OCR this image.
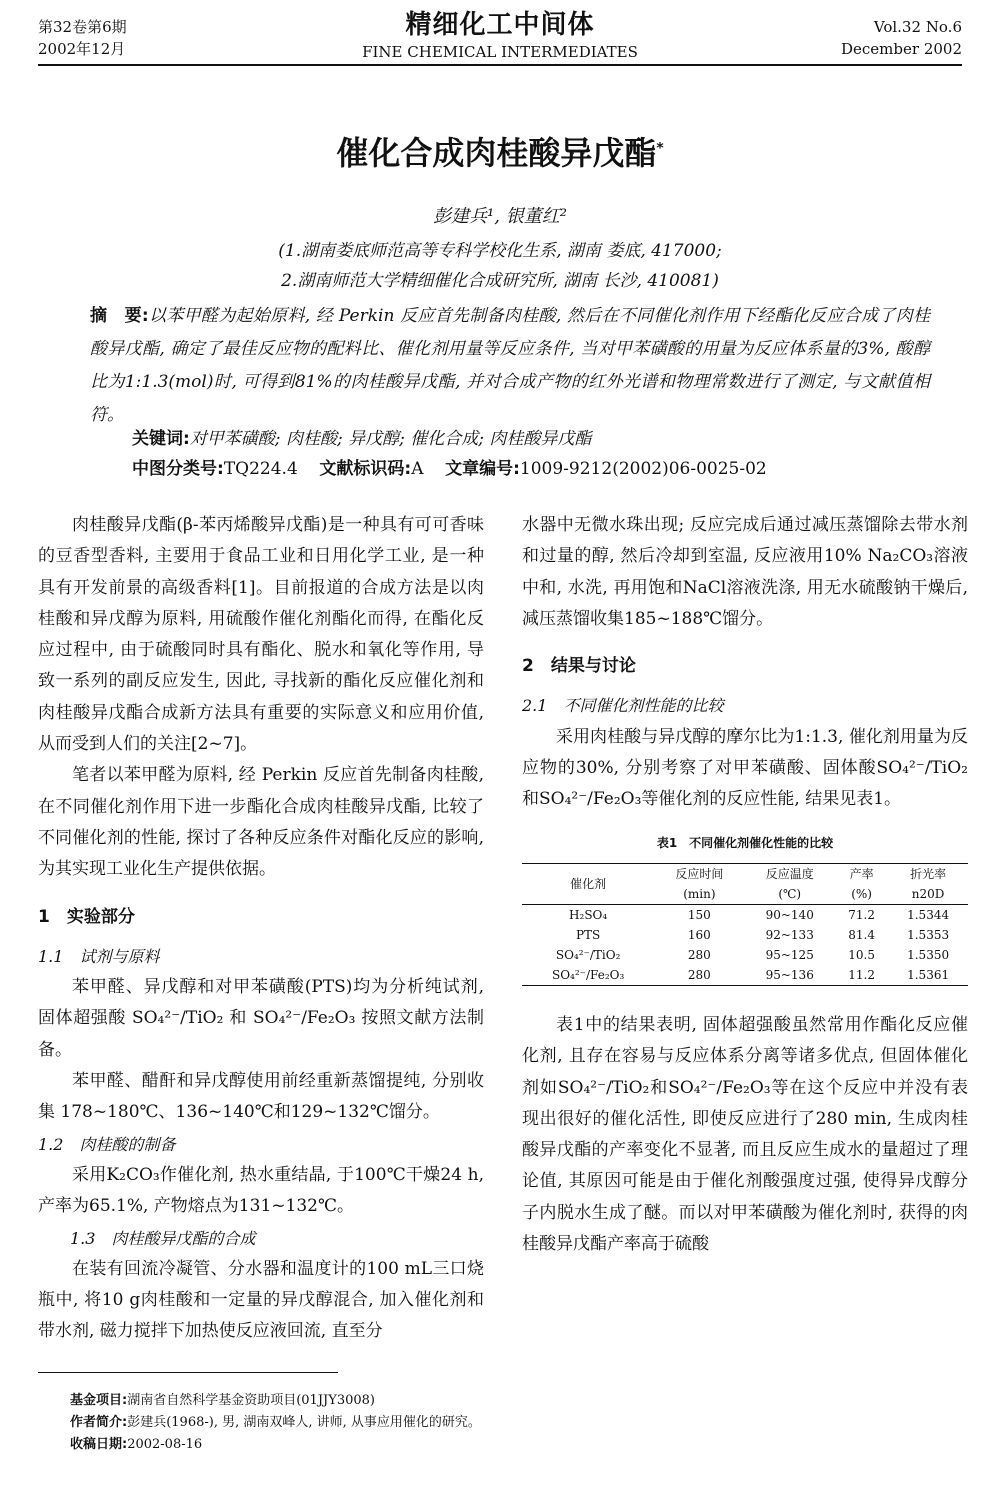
第32卷第6期
2002年12月
精细化工中间体
FINE CHEMICAL INTERMEDIATES
Vol.32 No.6
December 2002
催化合成肉桂酸异戊酯*
彭建兵¹, 银董红²
(1.湖南娄底师范高等专科学校化生系, 湖南 娄底, 417000;
2.湖南师范大学精细催化合成研究所, 湖南 长沙, 410081)
摘　要:以苯甲醛为起始原料, 经 Perkin 反应首先制备肉桂酸, 然后在不同催化剂作用下经酯化反应合成了肉桂酸异戊酯, 确定了最佳反应物的配料比、催化剂用量等反应条件, 当对甲苯磺酸的用量为反应体系量的3%, 酸醇比为1:1.3(mol)时, 可得到81%的肉桂酸异戊酯, 并对合成产物的红外光谱和物理常数进行了测定, 与文献值相符。
关键词:对甲苯磺酸; 肉桂酸; 异戊醇; 催化合成; 肉桂酸异戊酯
中图分类号:TQ224.4 文献标识码:A 文章编号:1009-9212(2002)06-0025-02

肉桂酸异戊酯(β-苯丙烯酸异戊酯)是一种具有可可香味的豆香型香料, 主要用于食品工业和日用化学工业, 是一种具有开发前景的高级香料[1]。目前报道的合成方法是以肉桂酸和异戊醇为原料, 用硫酸作催化剂酯化而得, 在酯化反应过程中, 由于硫酸同时具有酯化、脱水和氧化等作用, 导致一系列的副反应发生, 因此, 寻找新的酯化反应催化剂和肉桂酸异戊酯合成新方法具有重要的实际意义和应用价值, 从而受到人们的关注[2~7]。

笔者以苯甲醛为原料, 经 Perkin 反应首先制备肉桂酸, 在不同催化剂作用下进一步酯化合成肉桂酸异戊酯, 比较了不同催化剂的性能, 探讨了各种反应条件对酯化反应的影响, 为其实现工业化生产提供依据。

1　实验部分
1.1　试剂与原料

苯甲醛、异戊醇和对甲苯磺酸(PTS)均为分析纯试剂, 固体超强酸 SO₄²⁻/TiO₂ 和 SO₄²⁻/Fe₂O₃ 按照文献方法制备。

苯甲醛、醋酐和异戊醇使用前经重新蒸馏提纯, 分别收集 178~180℃、136~140℃和129~132℃馏分。

1.2　肉桂酸的制备

采用K₂CO₃作催化剂, 热水重结晶, 于100℃干燥24 h, 产率为65.1%, 产物熔点为131~132℃。

1.3　肉桂酸异戊酯的合成

在装有回流冷凝管、分水器和温度计的100 mL三口烧瓶中, 将10 g肉桂酸和一定量的异戊醇混合, 加入催化剂和带水剂, 磁力搅拌下加热使反应液回流, 直至分

水器中无微水珠出现; 反应完成后通过减压蒸馏除去带水剂和过量的醇, 然后冷却到室温, 反应液用10% Na₂CO₃溶液中和, 水洗, 再用饱和NaCl溶液洗涤, 用无水硫酸钠干燥后, 减压蒸馏收集185~188℃馏分。

2　结果与讨论
2.1　不同催化剂性能的比较

采用肉桂酸与异戊醇的摩尔比为1:1.3, 催化剂用量为反应物的30%, 分别考察了对甲苯磺酸、固体酸SO₄²⁻/TiO₂和SO₄²⁻/Fe₂O₃等催化剂的反应性能, 结果见表1。

表1　不同催化剂催化性能的比较
催化剂	反应时间	反应温度	产率	折光率
	(min)	(℃)	(%)	n20D
H₂SO₄	150	90~140	71.2	1.5344
PTS	160	92~133	81.4	1.5353
SO₄²⁻/TiO₂	280	95~125	10.5	1.5350
SO₄²⁻/Fe₂O₃	280	95~136	11.2	1.5361

表1中的结果表明, 固体超强酸虽然常用作酯化反应催化剂, 且存在容易与反应体系分离等诸多优点, 但固体催化剂如SO₄²⁻/TiO₂和SO₄²⁻/Fe₂O₃等在这个反应中并没有表现出很好的催化活性, 即使反应进行了280 min, 生成肉桂酸异戊酯的产率变化不显著, 而且反应生成水的量超过了理论值, 其原因可能是由于催化剂酸强度过强, 使得异戊醇分子内脱水生成了醚。而以对甲苯磺酸为催化剂时, 获得的肉桂酸异戊酯产率高于硫酸

基金项目:湖南省自然科学基金资助项目(01JJY3008)
作者简介:彭建兵(1968-), 男, 湖南双峰人, 讲师, 从事应用催化的研究。
收稿日期:2002-08-16
